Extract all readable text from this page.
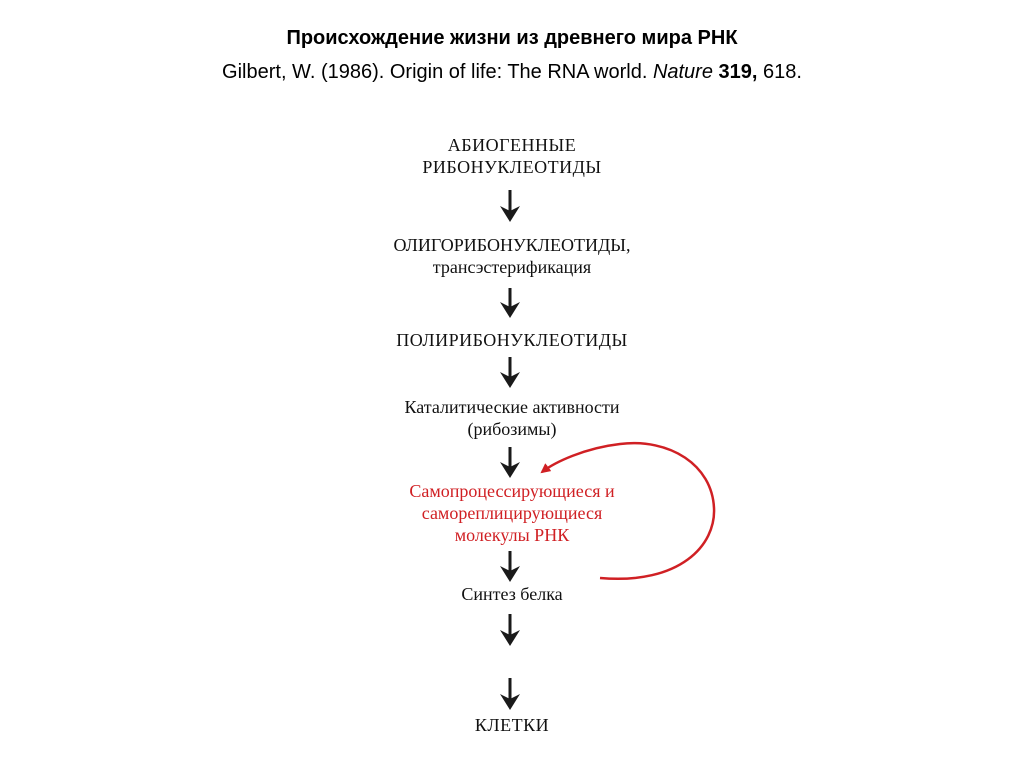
Происхождение жизни из древнего мира РНК
Gilbert, W. (1986). Origin of life: The RNA world. Nature 319, 618.
АБИОГЕННЫЕ
РИБОНУКЛЕОТИДЫ
ОЛИГОРИБОНУКЛЕОТИДЫ,
трансэстерификация
ПОЛИРИБОНУКЛЕОТИДЫ
Каталитические активности
(рибозимы)
Самопроцессирующиеся и
самореплицирующиеся
молекулы РНК
Синтез белка
КЛЕТКИ
